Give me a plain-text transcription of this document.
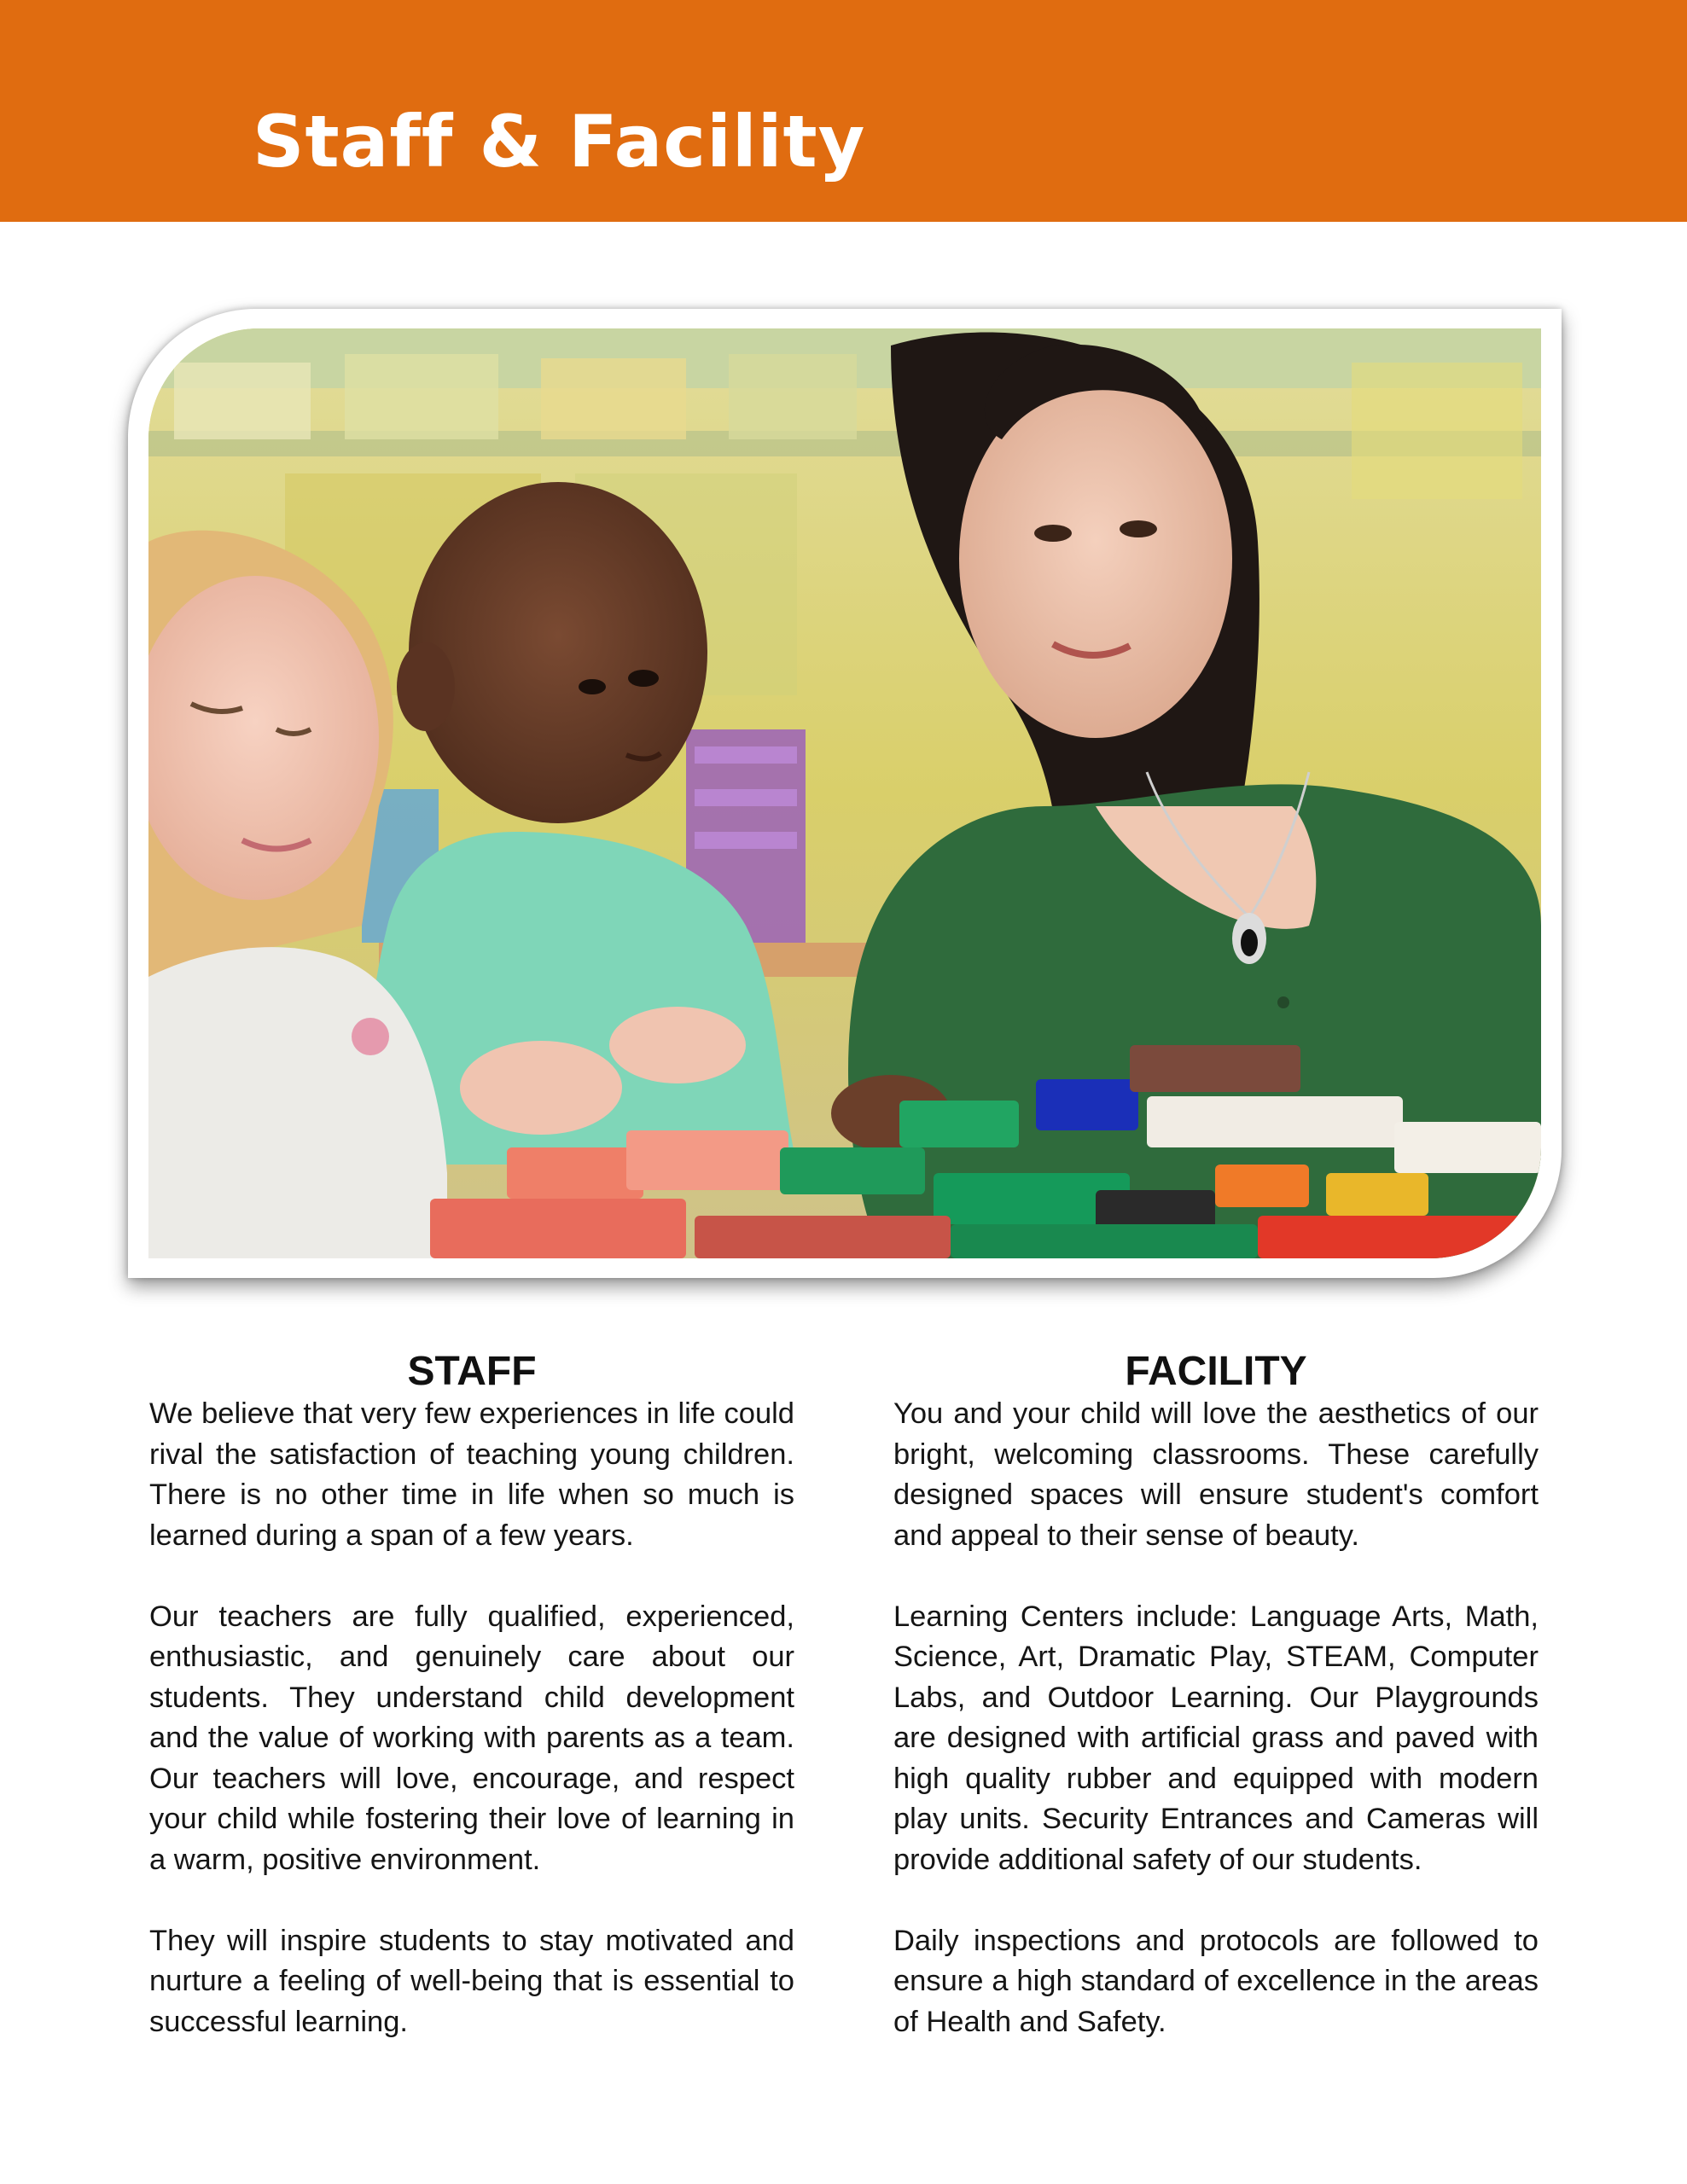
Staff & Facility
STAFF

We believe that very few experiences in life could rival the satisfaction of teaching young children. There is no other time in life when so much is learned during a span of a few years.

Our teachers are fully qualified, experienced, enthusiastic, and genuinely care about our students. They understand child development and the value of working with parents as a team. Our teachers will love, encourage, and respect your child while fostering their love of learning in a warm, positive environment.

They will inspire students to stay motivated and nurture a feeling of well-being that is essential to successful learning.

FACILITY

You and your child will love the aesthetics of our bright, welcoming classrooms. These carefully designed spaces will ensure student's comfort and appeal to their sense of beauty.

Learning Centers include: Language Arts, Math, Science, Art, Dramatic Play, STEAM, Computer Labs, and Outdoor Learning. Our Playgrounds are designed with artificial grass and paved with high quality rubber and equipped with modern play units. Security Entrances and Cameras will provide additional safety of our students.

Daily inspections and protocols are followed to ensure a high standard of excellence in the areas of Health and Safety.
